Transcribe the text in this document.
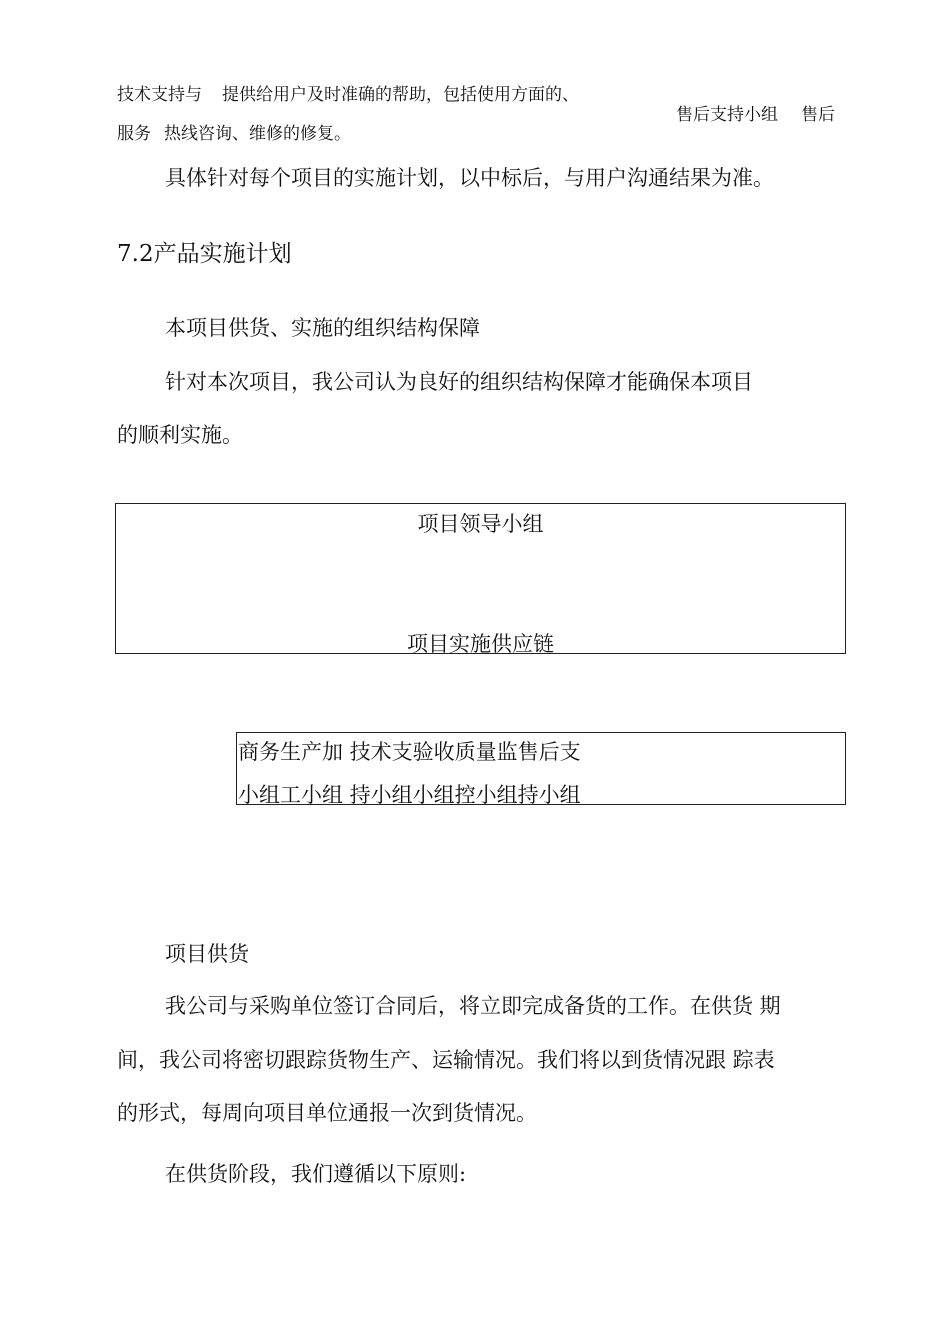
技术支持与 提供给用户及时准确的帮助，包括使用方面的、
服务 热线咨询、维修的修复。
售后支持小组 售后
具体针对每个项目的实施计划，以中标后，与用户沟通结果为准。
7.2产品实施计划
本项目供货、实施的组织结构保障
针对本次项目，我公司认为良好的组织结构保障才能确保本项目
的顺利实施。
项目领导小组
项目实施供应链
商务生产加 技术支验收质量监售后支
小组工小组 持小组小组控小组持小组
项目供货
我公司与采购单位签订合同后，将立即完成备货的工作。在供货 期
间，我公司将密切跟踪货物生产、运输情况。我们将以到货情况跟 踪表
的形式，每周向项目单位通报一次到货情况。
在供货阶段，我们遵循以下原则:
